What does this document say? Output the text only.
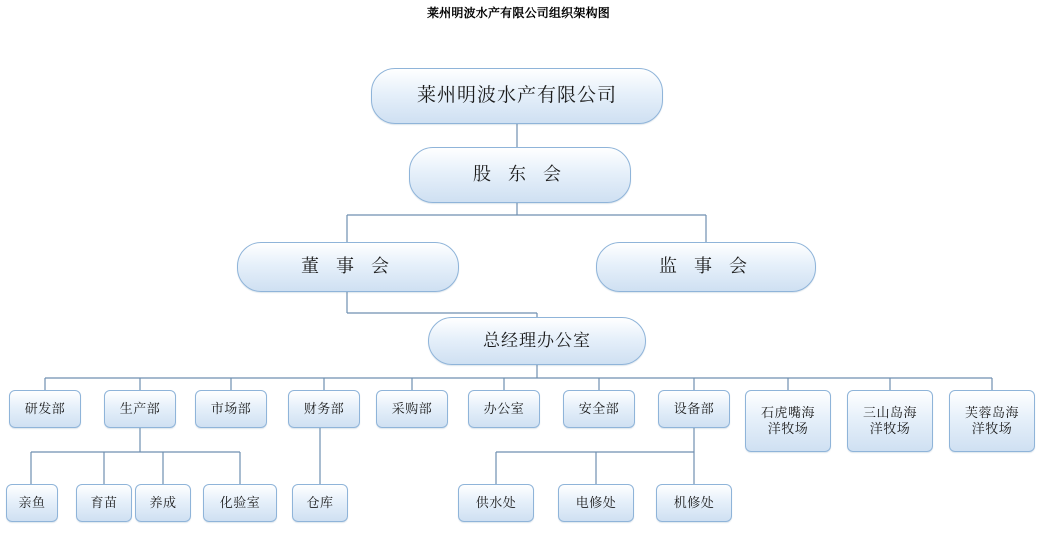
莱州明波水产有限公司组织架构图
莱州明波水产有限公司
股 东 会
董 事 会	监 事 会
总经理办公室
研发部	生产部	市场部	财务部	采购部	办公室	安全部	设备部	石虎嘴海洋牧场
三山岛海洋牧场
芙蓉岛海洋牧场
亲鱼	育苗 养成	化验室	仓库	供水处	电修处	机修处
